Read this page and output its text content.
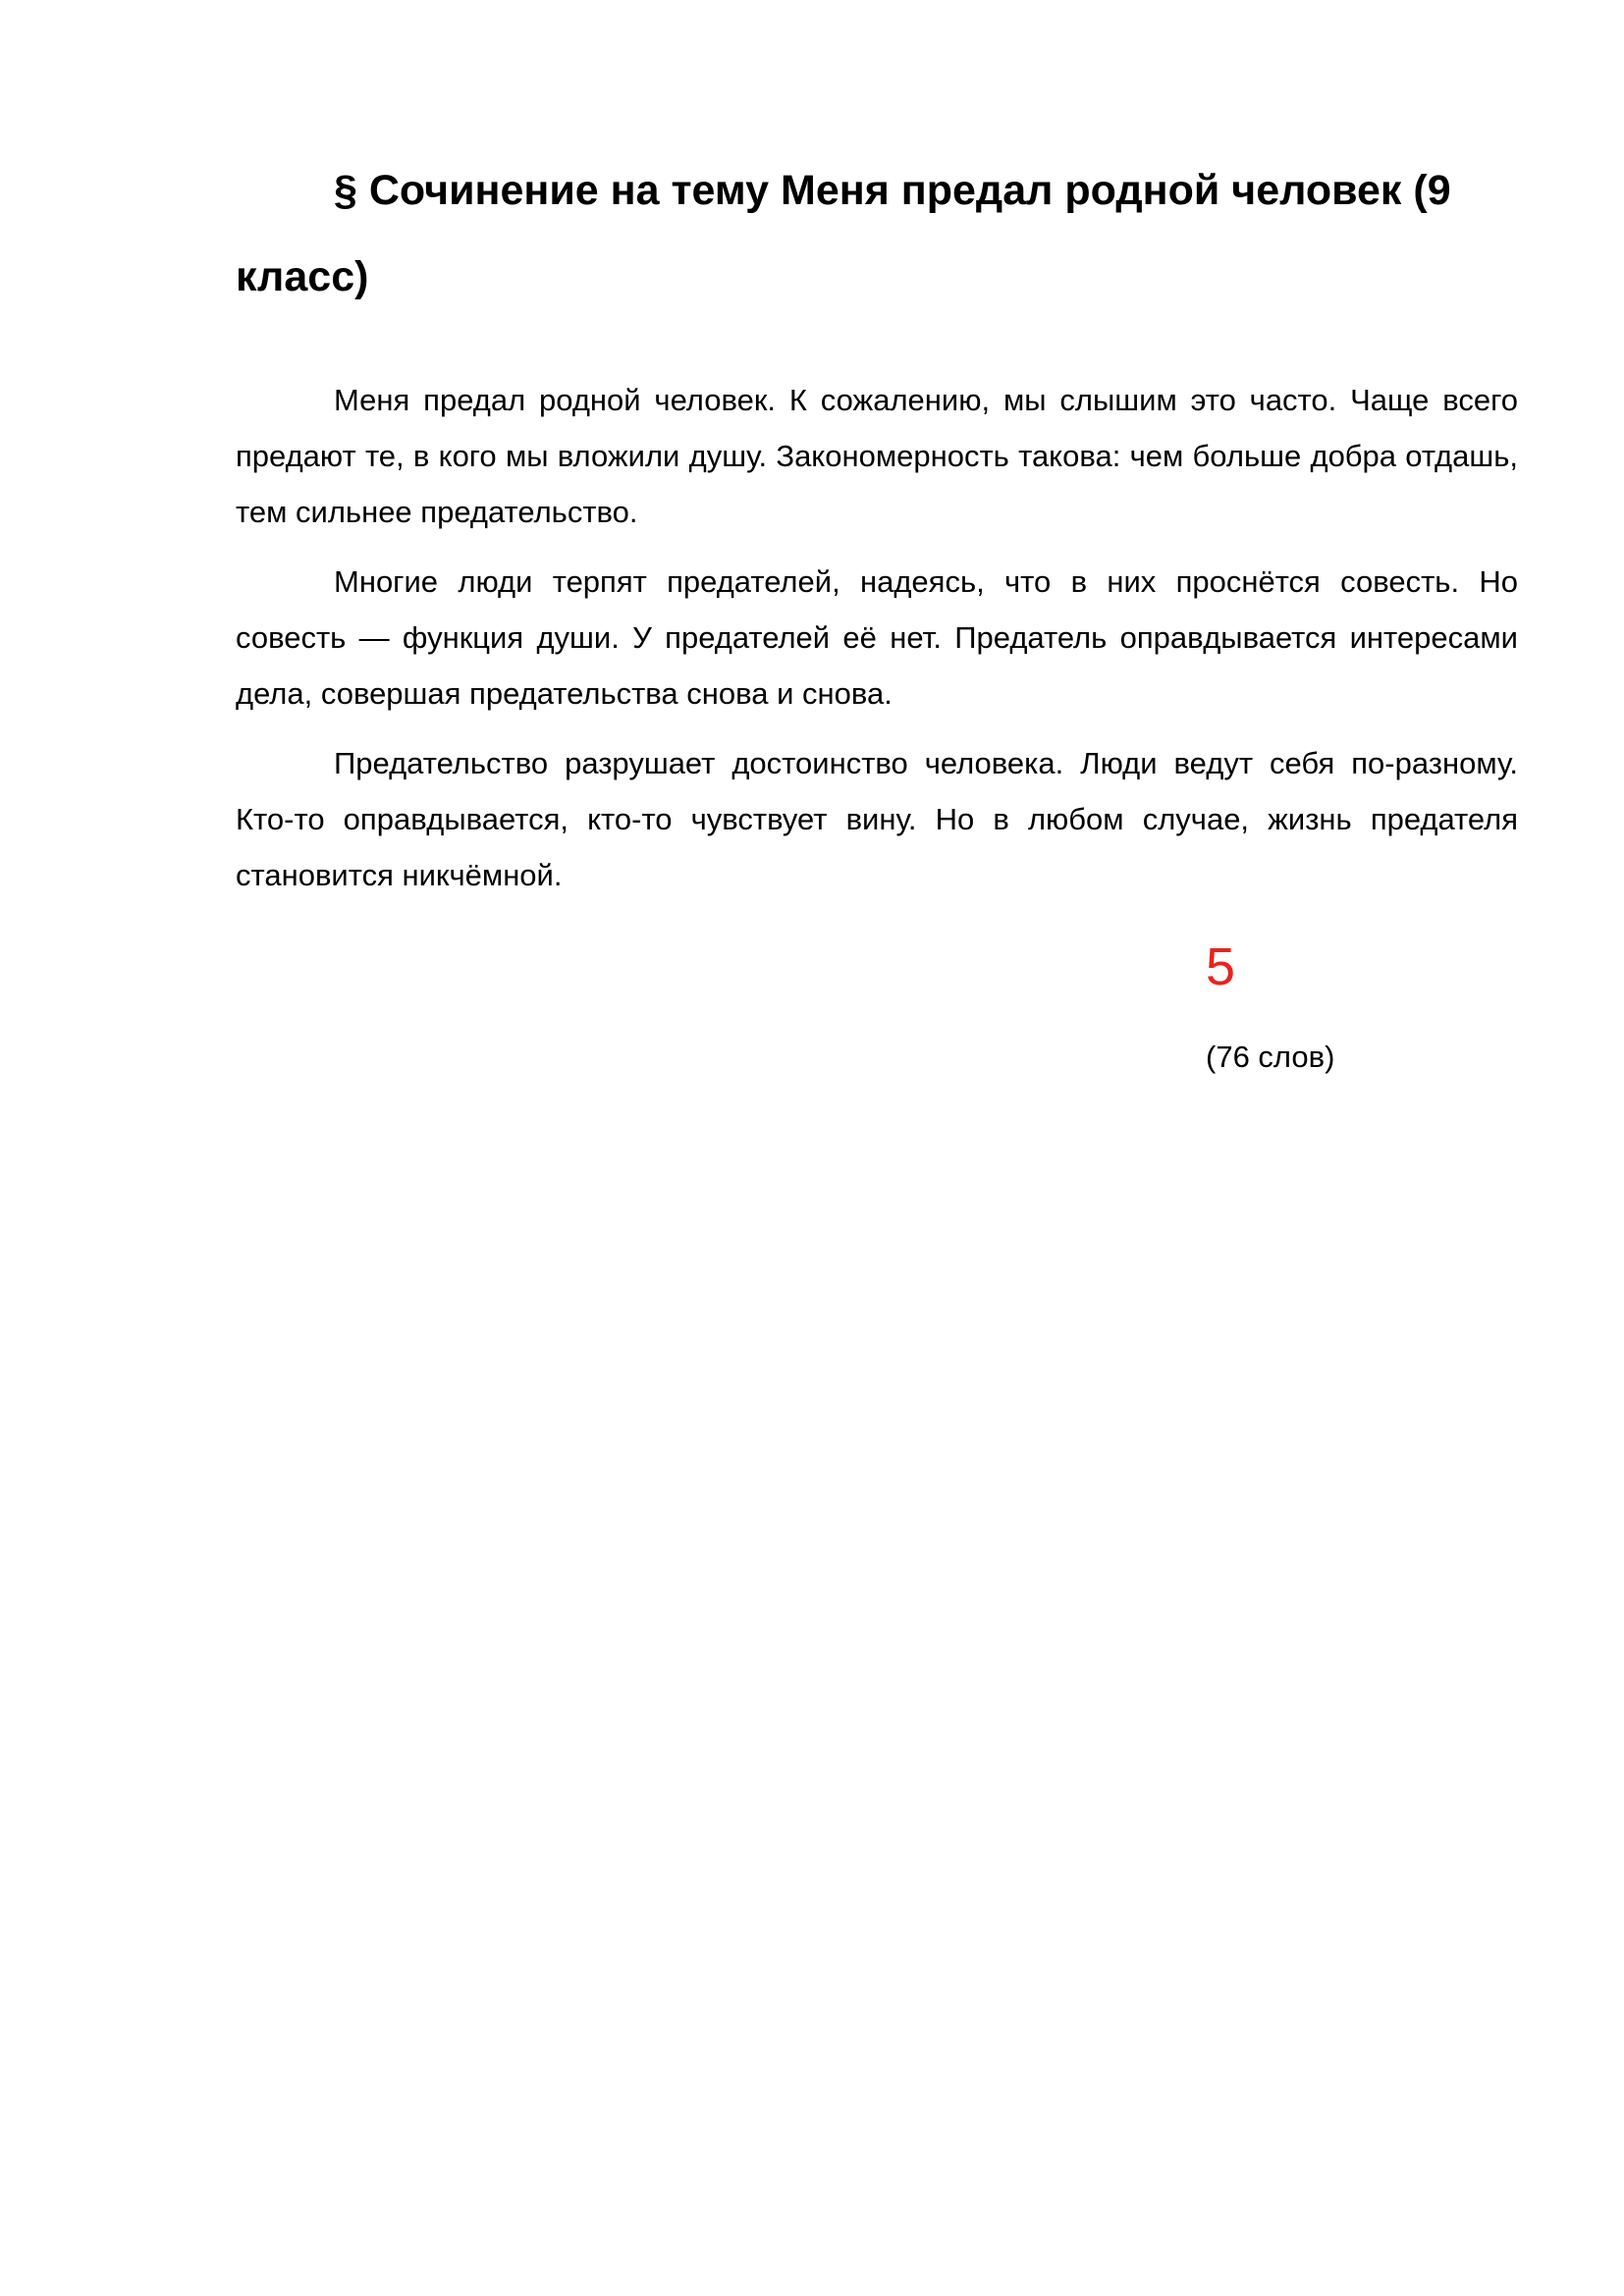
§ Сочинение на тему Меня предал родной человек (9 класс)

Меня предал родной человек. К сожалению, мы слышим это часто. Чаще всего предают те, в кого мы вложили душу. Закономерность такова: чем больше добра отдашь, тем сильнее предательство.

Многие люди терпят предателей, надеясь, что в них проснётся совесть. Но совесть — функция души. У предателей её нет. Предатель оправдывается интересами дела, совершая предательства снова и снова.

Предательство разрушает достоинство человека. Люди ведут себя по-разному. Кто-то оправдывается, кто-то чувствует вину. Но в любом случае, жизнь предателя становится никчёмной.

5

(76 слов)
